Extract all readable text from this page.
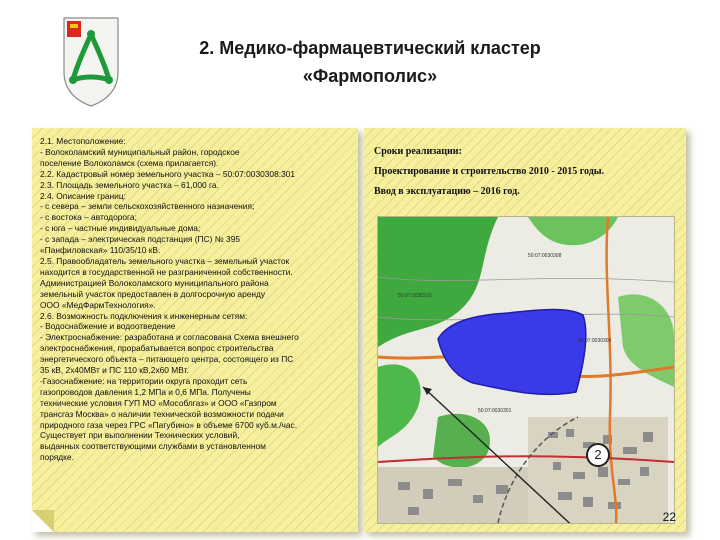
2. Медико-фармацевтический кластер
«Фармополис»
2.1. Местоположение:
- Волоколамский муниципальный район, городское
поселение Волоколамск (схема прилагается).
2.2. Кадастровый номер земельного участка – 50:07:0030308:301
2.3. Площадь земельного участка – 61,000 га.
2.4. Описание границ:
- с севера – земли сельскохозяйственного назначения;
- с востока – автодорога;
- с юга – частные индивидуальные дома;
- с запада – электрическая подстанция (ПС) № 395
«Панфиловская» 110/35/10 кВ.
2.5. Правообладатель земельного участка – земельный участок
находится в государственной не разграниченной собственности.
Администрацией Волоколамского муниципального района
земельный участок предоставлен в долгосрочную аренду
ООО «МедФармТехнология».
2.6. Возможность подключения к инженерным сетям:
- Водоснабжение и водоотведение
- Электроснабжение: разработана и согласована Схема внешнего
электроснабжения, прорабатывается вопрос строительства
энергетического объекта – питающего центра, состоящего из ПС
35 кВ, 2х40МВт и ПС 110 кВ,2х60 МВт.
-Газоснабжение: на территории округа проходит сеть
газопроводов давления 1,2 МПа и 0,6 МПа. Получены
технические условия ГУП МО «Мособлгаз» и ООО «Газпром
трансгаз Москва» о наличии технической возможности подачи
природного газа через ГРС «Пагубино» в объеме 6700 куб.м./час.
Существует при выполнении Технических условий,
выданных соответствующими службами в установленном
порядке.
Сроки реализации:
Проектирование и строительство 2010 - 2015 годы.
Ввод в эксплуатацию – 2016 год.
50:07:0030308
50:07:0030301
50:07:0030306
50:07:0030310
2
22
